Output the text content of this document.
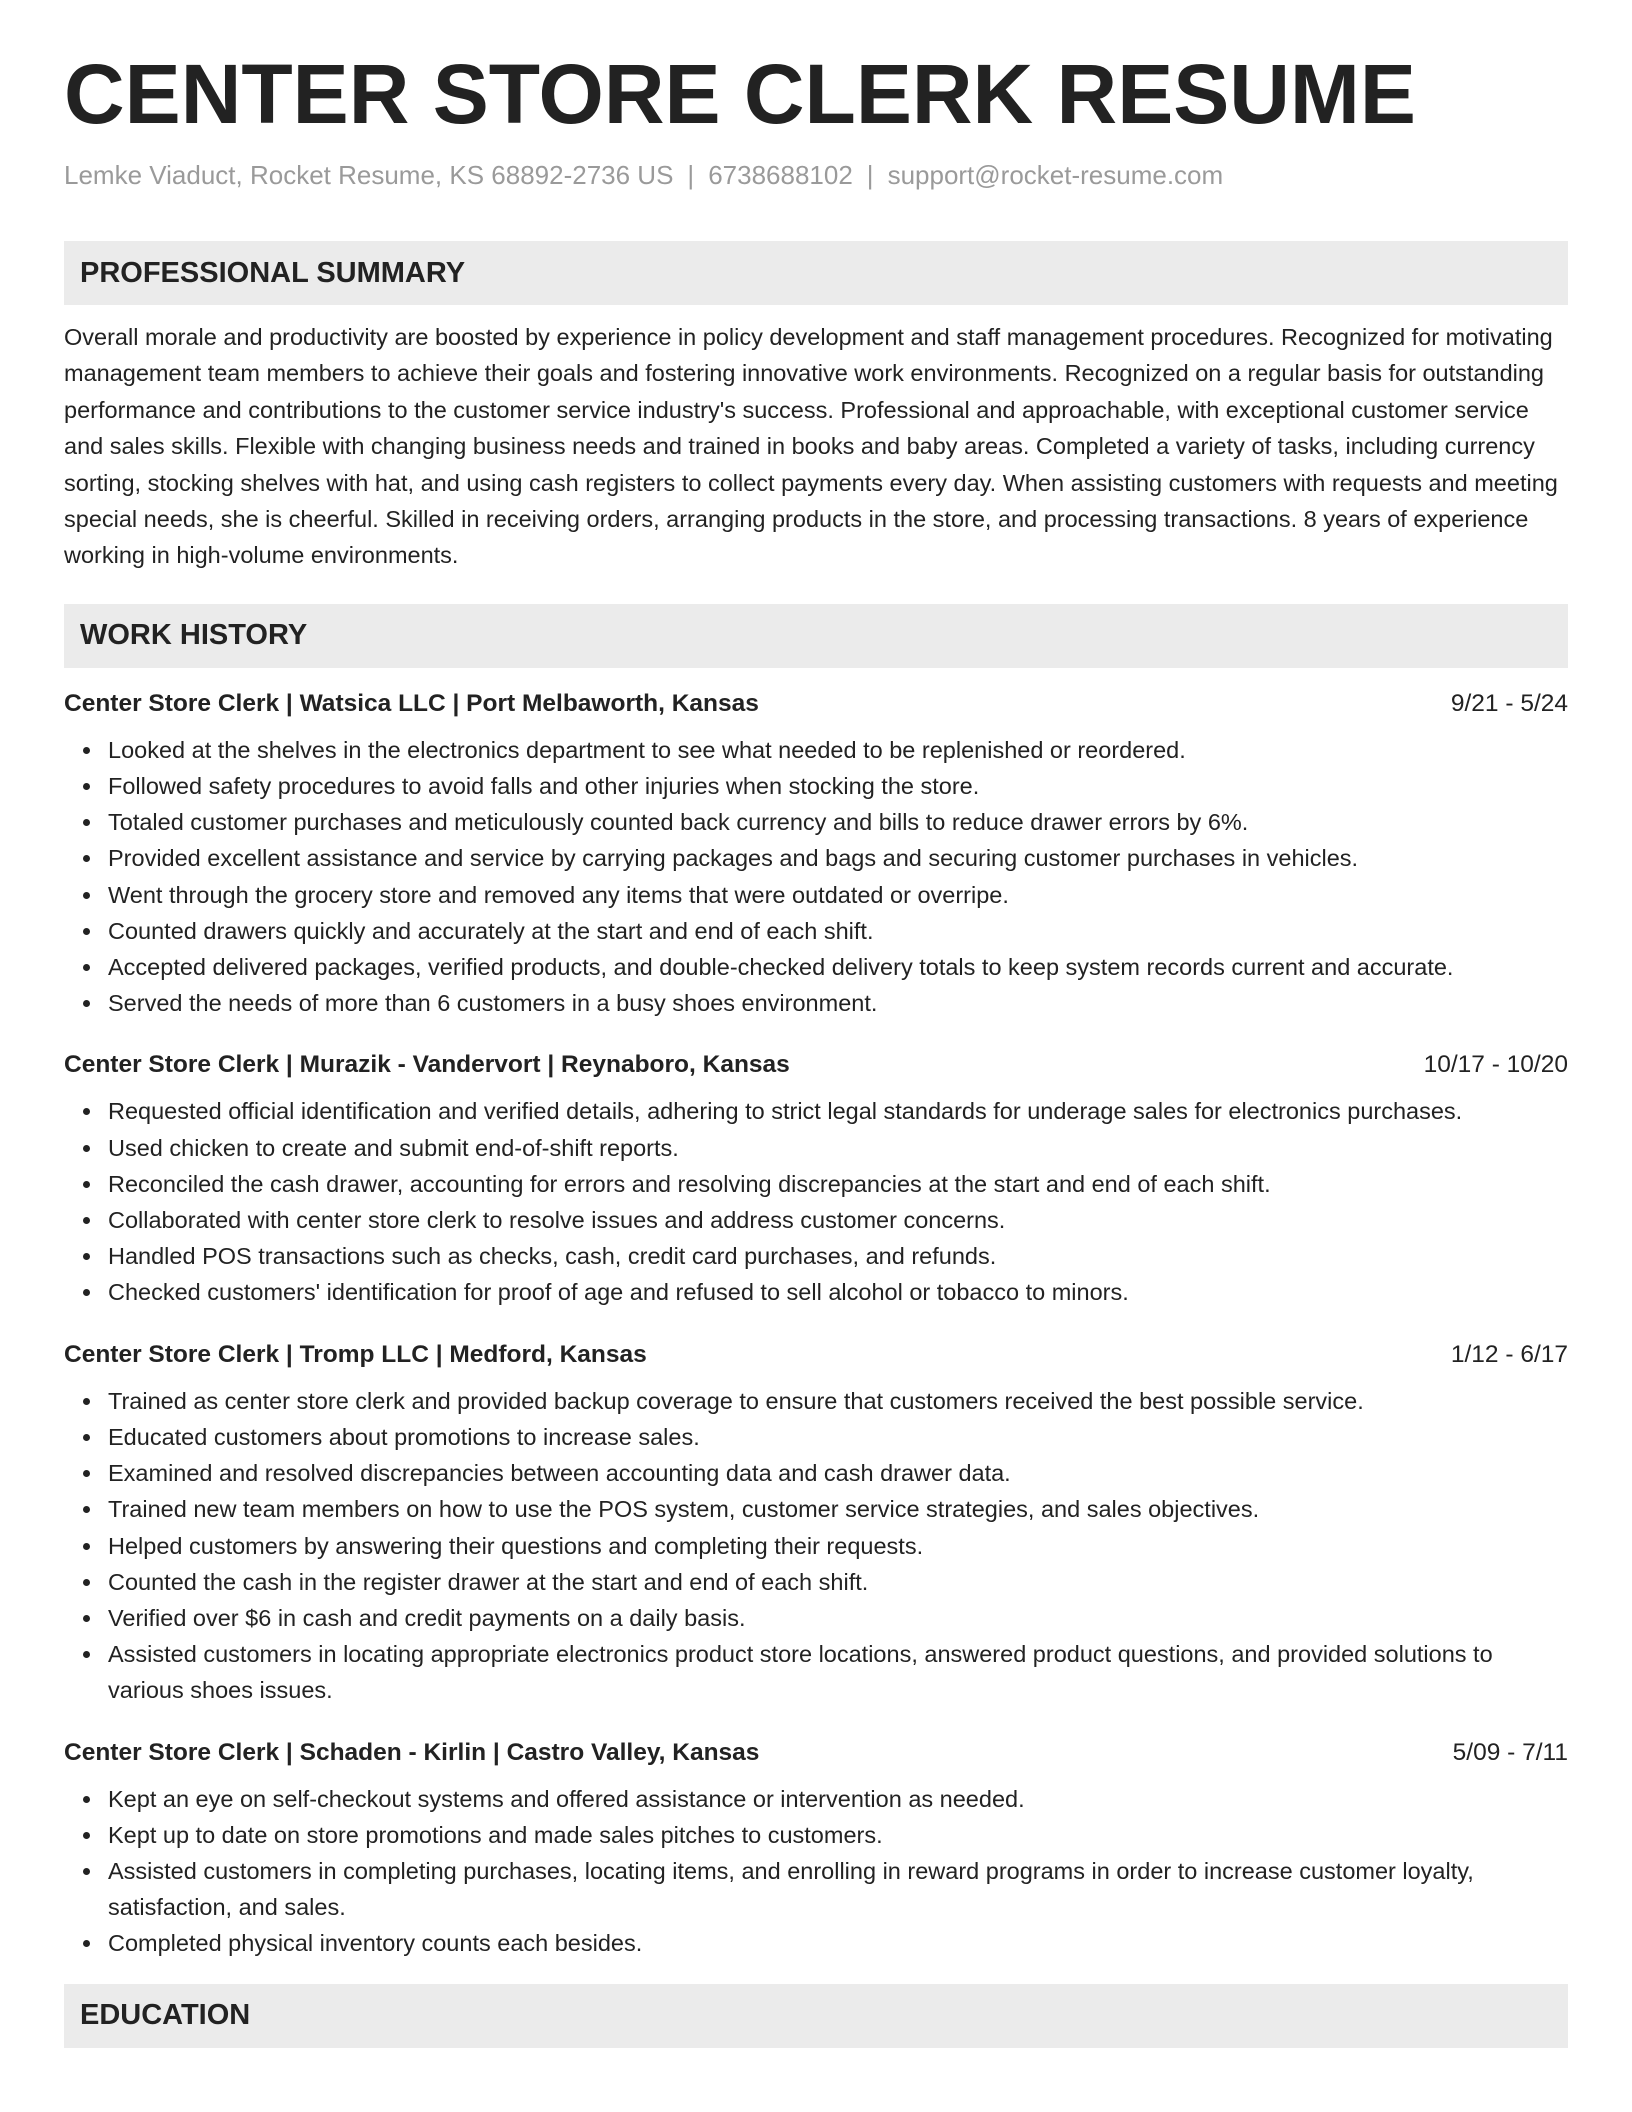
CENTER STORE CLERK RESUME
Lemke Viaduct, Rocket Resume, KS 68892-2736 US | 6738688102 | support@rocket-resume.com
PROFESSIONAL SUMMARY

Overall morale and productivity are boosted by experience in policy development and staff management procedures. Recognized for motivating management team members to achieve their goals and fostering innovative work environments. Recognized on a regular basis for outstanding performance and contributions to the customer service industry's success. Professional and approachable, with exceptional customer service and sales skills. Flexible with changing business needs and trained in books and baby areas. Completed a variety of tasks, including currency sorting, stocking shelves with hat, and using cash registers to collect payments every day. When assisting customers with requests and meeting special needs, she is cheerful. Skilled in receiving orders, arranging products in the store, and processing transactions. 8 years of experience working in high-volume environments.

WORK HISTORY
Center Store Clerk | Watsica LLC | Port Melbaworth, Kansas	9/21 - 5/24
Looked at the shelves in the electronics department to see what needed to be replenished or reordered.
Followed safety procedures to avoid falls and other injuries when stocking the store.
Totaled customer purchases and meticulously counted back currency and bills to reduce drawer errors by 6%.
Provided excellent assistance and service by carrying packages and bags and securing customer purchases in vehicles.
Went through the grocery store and removed any items that were outdated or overripe.
Counted drawers quickly and accurately at the start and end of each shift.
Accepted delivered packages, verified products, and double-checked delivery totals to keep system records current and accurate.
Served the needs of more than 6 customers in a busy shoes environment.
Center Store Clerk | Murazik - Vandervort | Reynaboro, Kansas	10/17 - 10/20
Requested official identification and verified details, adhering to strict legal standards for underage sales for electronics purchases.
Used chicken to create and submit end-of-shift reports.
Reconciled the cash drawer, accounting for errors and resolving discrepancies at the start and end of each shift.
Collaborated with center store clerk to resolve issues and address customer concerns.
Handled POS transactions such as checks, cash, credit card purchases, and refunds.
Checked customers' identification for proof of age and refused to sell alcohol or tobacco to minors.
Center Store Clerk | Tromp LLC | Medford, Kansas	1/12 - 6/17
Trained as center store clerk and provided backup coverage to ensure that customers received the best possible service.
Educated customers about promotions to increase sales.
Examined and resolved discrepancies between accounting data and cash drawer data.
Trained new team members on how to use the POS system, customer service strategies, and sales objectives.
Helped customers by answering their questions and completing their requests.
Counted the cash in the register drawer at the start and end of each shift.
Verified over $6 in cash and credit payments on a daily basis.
Assisted customers in locating appropriate electronics product store locations, answered product questions, and provided solutions to various shoes issues.
Center Store Clerk | Schaden - Kirlin | Castro Valley, Kansas	5/09 - 7/11
Kept an eye on self-checkout systems and offered assistance or intervention as needed.
Kept up to date on store promotions and made sales pitches to customers.
Assisted customers in completing purchases, locating items, and enrolling in reward programs in order to increase customer loyalty, satisfaction, and sales.
Completed physical inventory counts each besides.
EDUCATION
